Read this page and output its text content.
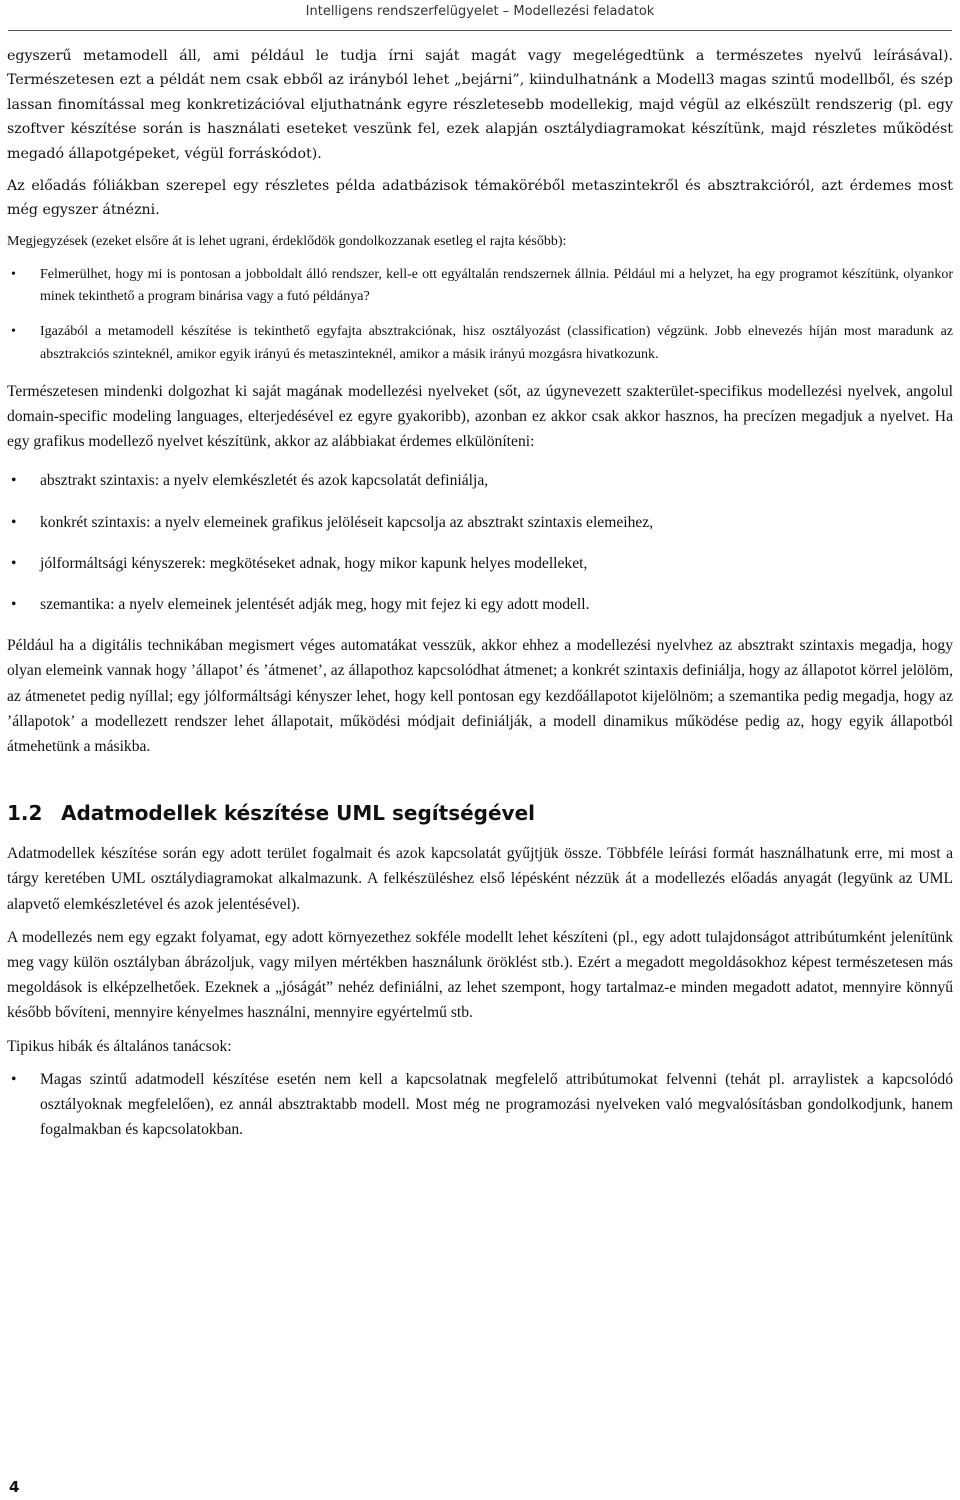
Intelligens rendszerfelügyelet – Modellezési feladatok

egyszerű metamodell áll, ami például le tudja írni saját magát vagy megelégedtünk a természetes nyelvű leírásával). Természetesen ezt a példát nem csak ebből az irányból lehet „bejárni”, kiindulhatnánk a Modell3 magas szintű modellből, és szép lassan finomítással meg konkretizációval eljuthatnánk egyre részletesebb modellekig, majd végül az elkészült rendszerig (pl. egy szoftver készítése során is használati eseteket veszünk fel, ezek alapján osztálydiagramokat készítünk, majd részletes működést megadó állapotgépeket, végül forráskódot).

Az előadás fóliákban szerepel egy részletes példa adatbázisok témaköréből metaszintekről és absztrakcióról, azt érdemes most még egyszer átnézni.

Megjegyzések (ezeket elsőre át is lehet ugrani, érdeklődök gondolkozzanak esetleg el rajta később):

• Felmerülhet, hogy mi is pontosan a jobboldalt álló rendszer, kell-e ott egyáltalán rendszernek állnia. Például mi a helyzet, ha egy programot készítünk, olyankor minek tekinthető a program binárisa vagy a futó példánya?
• Igazából a metamodell készítése is tekinthető egyfajta absztrakciónak, hisz osztályozást (classification) végzünk. Jobb elnevezés híján most maradunk az absztrakciós szinteknél, amikor egyik irányú és metaszinteknél, amikor a másik irányú mozgásra hivatkozunk.

Természetesen mindenki dolgozhat ki saját magának modellezési nyelveket (sőt, az úgynevezett szakterület-specifikus modellezési nyelvek, angolul domain-specific modeling languages, elterjedésével ez egyre gyakoribb), azonban ez akkor csak akkor hasznos, ha precízen megadjuk a nyelvet. Ha egy grafikus modellező nyelvet készítünk, akkor az alábbiakat érdemes elkülöníteni:

• absztrakt szintaxis: a nyelv elemkészletét és azok kapcsolatát definiálja,
• konkrét szintaxis: a nyelv elemeinek grafikus jelöléseit kapcsolja az absztrakt szintaxis elemeihez,
• jólformáltsági kényszerek: megkötéseket adnak, hogy mikor kapunk helyes modelleket,
• szemantika: a nyelv elemeinek jelentését adják meg, hogy mit fejez ki egy adott modell.

Például ha a digitális technikában megismert véges automatákat vesszük, akkor ehhez a modellezési nyelvhez az absztrakt szintaxis megadja, hogy olyan elemeink vannak hogy ’állapot’ és ’átmenet’, az állapothoz kapcsolódhat átmenet; a konkrét szintaxis definiálja, hogy az állapotot körrel jelölöm, az átmenetet pedig nyíllal; egy jólformáltsági kényszer lehet, hogy kell pontosan egy kezdőállapotot kijelölnöm; a szemantika pedig megadja, hogy az ’állapotok’ a modellezett rendszer lehet állapotait, működési módjait definiálják, a modell dinamikus működése pedig az, hogy egyik állapotból átmehetünk a másikba.

1.2 Adatmodellek készítése UML segítségével

Adatmodellek készítése során egy adott terület fogalmait és azok kapcsolatát gyűjtjük össze. Többféle leírási formát használhatunk erre, mi most a tárgy keretében UML osztálydiagramokat alkalmazunk. A felkészüléshez első lépésként nézzük át a modellezés előadás anyagát (legyünk az UML alapvető elemkészletével és azok jelentésével).

A modellezés nem egy egzakt folyamat, egy adott környezethez sokféle modellt lehet készíteni (pl., egy adott tulajdonságot attribútumként jelenítünk meg vagy külön osztályban ábrázoljuk, vagy milyen mértékben használunk öröklést stb.). Ezért a megadott megoldásokhoz képest természetesen más megoldások is elképzelhetőek. Ezeknek a „jóságát” nehéz definiálni, az lehet szempont, hogy tartalmaz-e minden megadott adatot, mennyire könnyű később bővíteni, mennyire kényelmes használni, mennyire egyértelmű stb.

Tipikus hibák és általános tanácsok:

• Magas szintű adatmodell készítése esetén nem kell a kapcsolatnak megfelelő attribútumokat felvenni (tehát pl. arraylistek a kapcsolódó osztályoknak megfelelően), ez annál absztraktabb modell. Most még ne programozási nyelveken való megvalósításban gondolkodjunk, hanem fogalmakban és kapcsolatokban.
4
